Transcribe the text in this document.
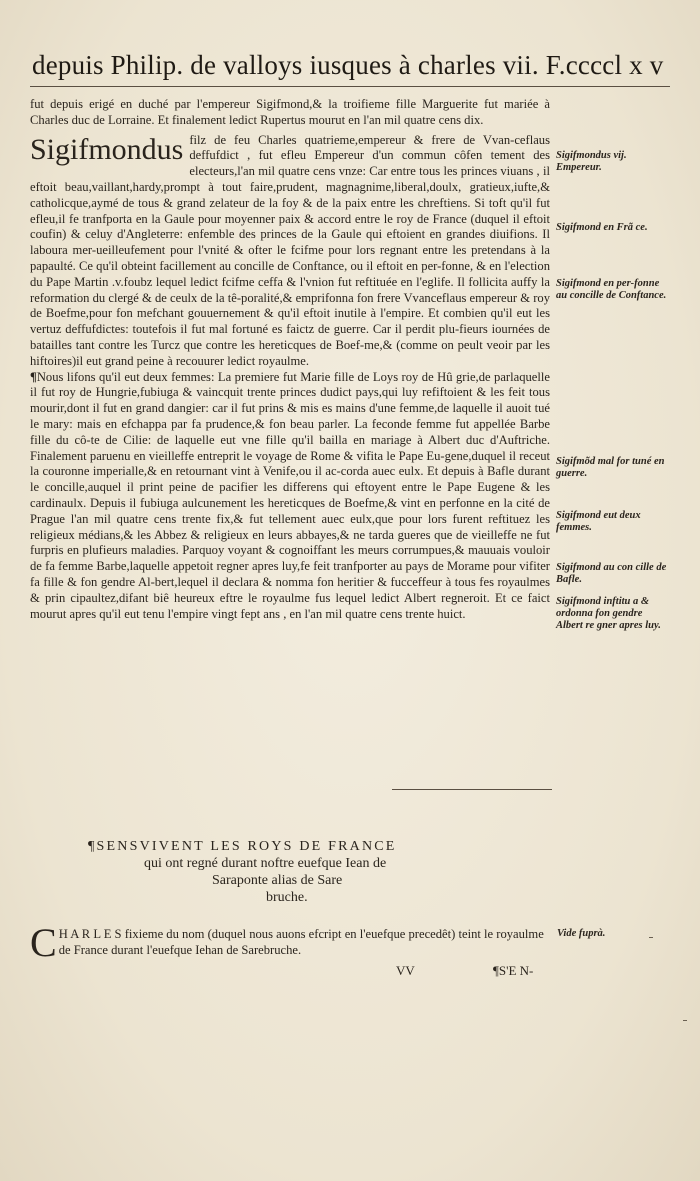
depuis Philip. de valloys iusques à charles vii. F.ccccl x v

fut depuis erigé en duché par l'empereur Sigifmond,& la troifieme fille Marguerite fut mariée à Charles duc de Lorraine. Et finalement ledict Rupertus mourut en l'an mil quatre cens dix.

Sigifmondus filz de feu Charles quatrieme,empereur & frere de Vvan-ceflaus deffufdict , fut efleu Empereur d'un commun côfen tement des electeurs,l'an mil quatre cens vnze: Car entre tous les princes viuans , il eftoit beau,vaillant,hardy,prompt à tout faire,prudent, magnagnime,liberal,doulx, gratieux,iufte,& catholicque,aymé de tous & grand zelateur de la foy & de la paix entre les chreftiens. Si toft qu'il fut efleu,il fe tranfporta en la Gaule pour moyenner paix & accord entre le roy de France (duquel il eftoit coufin) & celuy d'Angleterre: enfemble des princes de la Gaule qui eftoient en grandes diuifions. Il laboura mer-ueilleufement pour l'vnité & ofter le fcifme pour lors regnant entre les pretendans à la papaulté. Ce qu'il obteint facillement au concille de Conftance, ou il eftoit en per-fonne, & en l'election du Pape Martin .v.foubz lequel ledict fcifme ceffa & l'vnion fut reftituée en l'eglife. Il follicita auffy la reformation du clergé & de ceulx de la tê-poralité,& emprifonna fon frere Vvanceflaus empereur & roy de Boefme,pour fon mefchant gouuernement & qu'il eftoit inutile à l'empire. Et combien qu'il eut les vertuz deffufdictes: toutefois il fut mal fortuné es faictz de guerre. Car il perdit plu-fieurs iournées de batailles tant contre les Turcz que contre les hereticques de Boef-me,& (comme on peult veoir par les hiftoires)il eut grand peine à recouurer ledict royaulme.

¶Nous lifons qu'il eut deux femmes: La premiere fut Marie fille de Loys roy de Hû grie,de parlaquelle il fut roy de Hungrie,fubiuga & vaincquit trente princes dudict pays,qui luy refiftoient & les feit tous mourir,dont il fut en grand dangier: car il fut prins & mis es mains d'une femme,de laquelle il auoit tué le mary: mais en efchappa par fa prudence,& fon beau parler. La feconde femme fut appellée Barbe fille du cô-te de Cilie: de laquelle eut vne fille qu'il bailla en mariage à Albert duc d'Auftriche. Finalement paruenu en vieilleffe entreprit le voyage de Rome & vifita le Pape Eu-gene,duquel il receut la couronne imperialle,& en retournant vint à Venife,ou il ac-corda auec eulx. Et depuis à Bafle durant le concille,auquel il print peine de pacifier les differens qui eftoyent entre le Pape Eugene & les cardinaulx. Depuis il fubiuga aulcunement les hereticques de Boefme,& vint en perfonne en la cité de Prague l'an mil quatre cens trente fix,& fut tellement auec eulx,que pour lors furent reftituez les religieux médians,& les Abbez & religieux en leurs abbayes,& ne tarda gueres que de vieilleffe ne fut furpris en plufieurs maladies. Parquoy voyant & cognoiffant les meurs corrumpues,& mauuais vouloir de fa femme Barbe,laquelle appetoit regner apres luy,fe feit tranfporter au pays de Morame pour vifiter fa fille & fon gendre Al-bert,lequel il declara & nomma fon heritier & fucceffeur à tous fes royaulmes & prin cipaultez,difant biê heureux eftre le royaulme fus lequel ledict Albert regneroit. Et ce faict mourut apres qu'il eut tenu l'empire vingt fept ans , en l'an mil quatre cens trente huict.

Sigifmondus vij. Empereur.
Sigifmond en Frã ce.
Sigifmond en per-fonne au concille de Conftance.
Sigifmõd mal for tuné en guerre.
Sigifmond eut deux femmes.
Sigifmond au con cille de Bafle.
Sigifmond inftitu a & ordonna fon gendre Albert re gner apres luy.
¶SENSVIVENT LES ROYS DE FRANCE
qui ont regné durant noftre euefque Iean de
Saraponte alias de Sare
bruche.
C H A R L E S fixieme du nom (duquel nous auons efcript en l'euefque precedêt) teint le royaulme de France durant l'euefque Iehan de Sarebruche.
Vide fuprà.
VV	¶S'E N-
